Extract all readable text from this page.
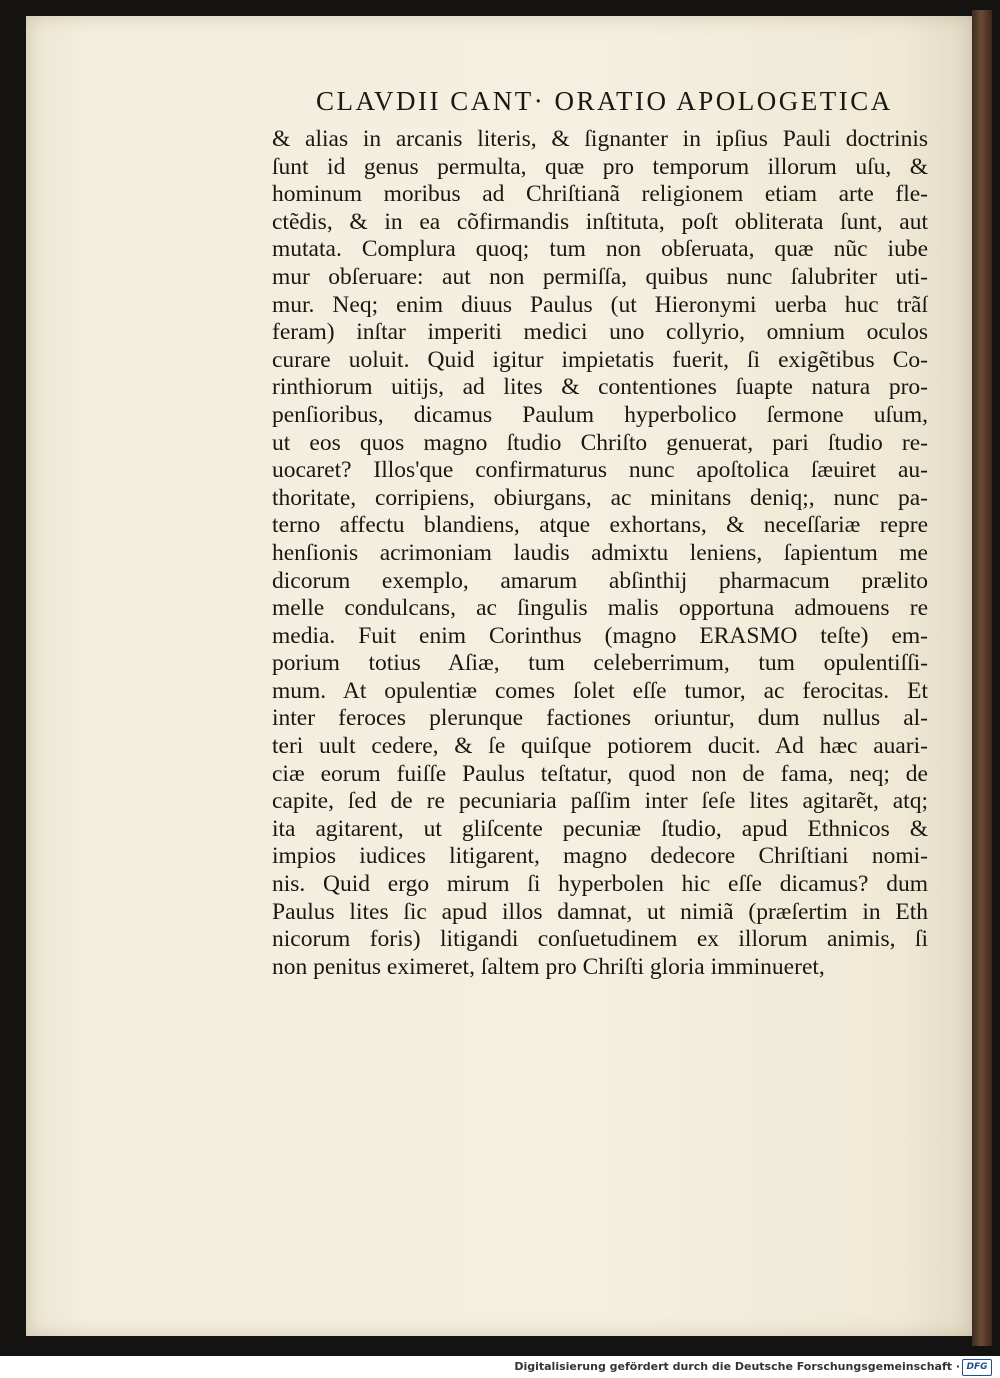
CLAVDII CANT· ORATIO APOLOGETICA
& alias in arcanis literis, & ſignanter in ipſius Pauli doctrinis
ſunt id genus permulta, quæ pro temporum illorum uſu, &
hominum moribus ad Chriſtianã religionem etiam arte fle-
ctẽdis, & in ea cõfirmandis inſtituta, poſt obliterata ſunt, aut
mutata. Complura quoq; tum non obſeruata, quæ nũc iube
mur obſeruare: aut non permiſſa, quibus nunc ſalubriter uti-
mur. Neq; enim diuus Paulus (ut Hieronymi uerba huc trãſ
feram) inſtar imperiti medici uno collyrio, omnium oculos
curare uoluit. Quid igitur impietatis fuerit, ſi exigẽtibus Co-
rinthiorum uitijs, ad lites & contentiones ſuapte natura pro-
penſioribus, dicamus Paulum hyperbolico ſermone uſum,
ut eos quos magno ſtudio Chriſto genuerat, pari ſtudio re-
uocaret? Illos'que confirmaturus nunc apoſtolica ſæuiret au-
thoritate, corripiens, obiurgans, ac minitans deniq;, nunc pa-
terno affectu blandiens, atque exhortans, & neceſſariæ repre
henſionis acrimoniam laudis admixtu leniens, ſapientum me
dicorum exemplo, amarum abſinthij pharmacum prælito
melle condulcans, ac ſingulis malis opportuna admouens re
media. Fuit enim Corinthus (magno ERASMO teſte) em-
porium totius Aſiæ, tum celeberrimum, tum opulentiſſi-
mum. At opulentiæ comes ſolet eſſe tumor, ac ferocitas. Et
inter feroces plerunque factiones oriuntur, dum nullus al-
teri uult cedere, & ſe quiſque potiorem ducit. Ad hæc auari-
ciæ eorum fuiſſe Paulus teſtatur, quod non de fama, neq; de
capite, ſed de re pecuniaria paſſim inter ſeſe lites agitarẽt, atq;
ita agitarent, ut gliſcente pecuniæ ſtudio, apud Ethnicos &
impios iudices litigarent, magno dedecore Chriſtiani nomi-
nis. Quid ergo mirum ſi hyperbolen hic eſſe dicamus? dum
Paulus lites ſic apud illos damnat, ut nimiã (præſertim in Eth
nicorum foris) litigandi conſuetudinem ex illorum animis, ſi
non penitus eximeret, ſaltem pro Chriſti gloria imminueret,
Digitalisierung gefördert durch die Deutsche Forschungsgemeinschaft · DFG
